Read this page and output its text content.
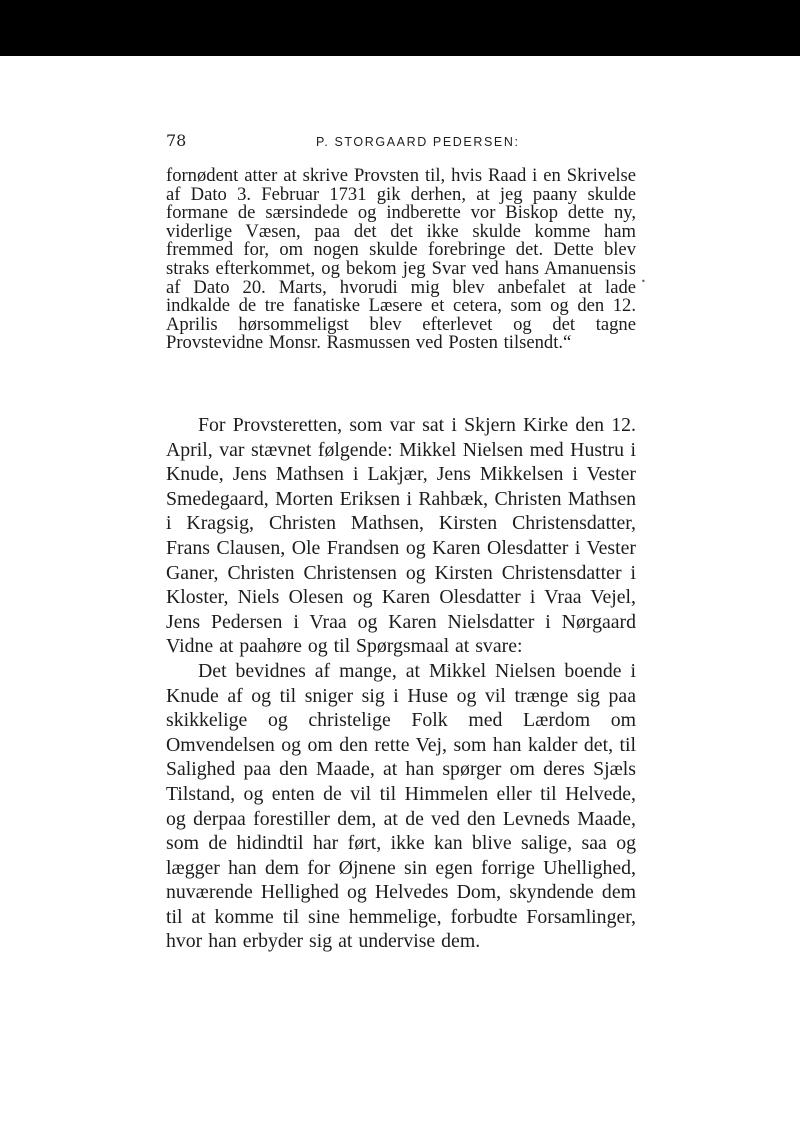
78	P. STORGAARD PEDERSEN:

fornødent atter at skrive Provsten til, hvis Raad i en Skrivelse af Dato 3. Februar 1731 gik derhen, at jeg paany skulde formane de særsindede og indberette vor Biskop dette ny, viderlige Væsen, paa det det ikke skulde komme ham fremmed for, om nogen skulde forebringe det. Dette blev straks efterkommet, og bekom jeg Svar ved hans Amanuensis af Dato 20. Marts, hvorudi mig blev anbefalet at lade indkalde de tre fanatiske Læsere et cetera, som og den 12. Aprilis hørsommeligst blev efterlevet og det tagne Provstevidne Monsr. Rasmussen ved Posten tilsendt.“

•

For Provsteretten, som var sat i Skjern Kirke den 12. April, var stævnet følgende: Mikkel Nielsen med Hustru i Knude, Jens Mathsen i Lakjær, Jens Mikkelsen i Vester Smedegaard, Morten Eriksen i Rahbæk, Christen Mathsen i Kragsig, Christen Mathsen, Kirsten Christensdatter, Frans Clausen, Ole Frandsen og Karen Olesdatter i Vester Ganer, Christen Christensen og Kirsten Christensdatter i Kloster, Niels Olesen og Karen Olesdatter i Vraa Vejel, Jens Pedersen i Vraa og Karen Nielsdatter i Nørgaard Vidne at paahøre og til Spørgsmaal at svare:

Det bevidnes af mange, at Mikkel Nielsen boende i Knude af og til sniger sig i Huse og vil trænge sig paa skikkelige og christelige Folk med Lærdom om Omvendelsen og om den rette Vej, som han kalder det, til Salighed paa den Maade, at han spørger om deres Sjæls Tilstand, og enten de vil til Himmelen eller til Helvede, og derpaa forestiller dem, at de ved den Levneds Maade, som de hidindtil har ført, ikke kan blive salige, saa og lægger han dem for Øjnene sin egen forrige Uhellighed, nuværende Hellighed og Helvedes Dom, skyndende dem til at komme til sine hemmelige, forbudte Forsamlinger, hvor han erbyder sig at undervise dem.
